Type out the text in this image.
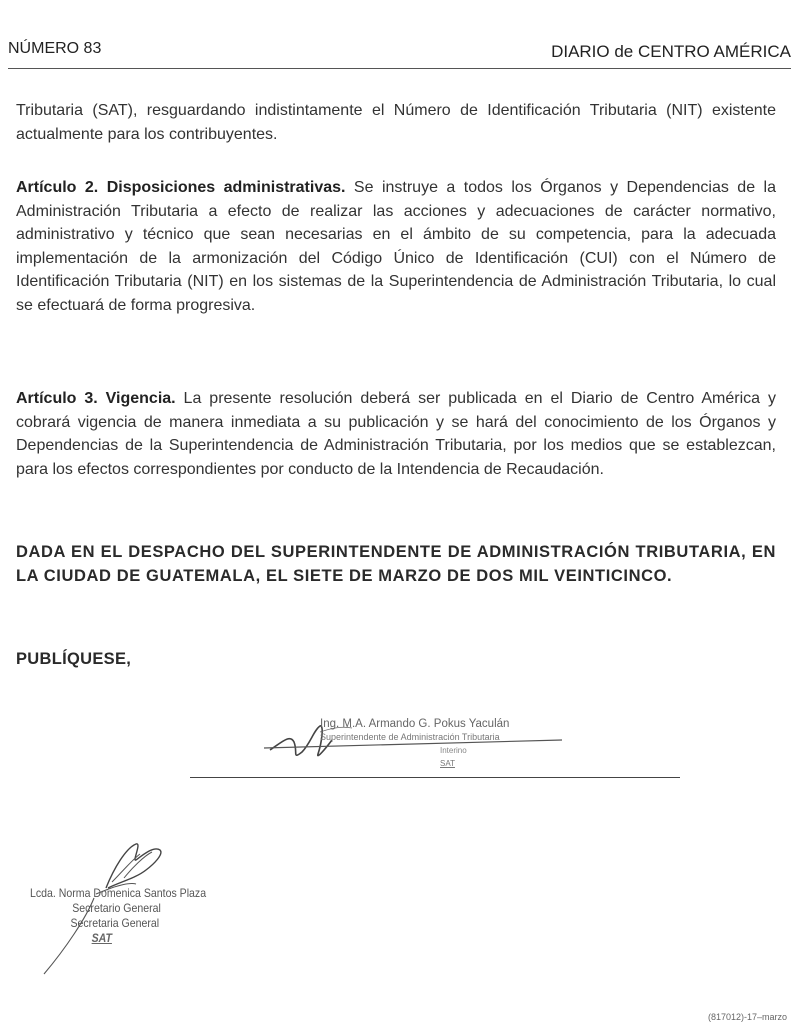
NÚMERO 83	DIARIO de CENTRO AMÉRICA
Tributaria (SAT), resguardando indistintamente el Número de Identificación Tributaria (NIT) existente actualmente para los contribuyentes.
Artículo 2. Disposiciones administrativas. Se instruye a todos los Órganos y Dependencias de la Administración Tributaria a efecto de realizar las acciones y adecuaciones de carácter normativo, administrativo y técnico que sean necesarias en el ámbito de su competencia, para la adecuada implementación de la armonización del Código Único de Identificación (CUI) con el Número de Identificación Tributaria (NIT) en los sistemas de la Superintendencia de Administración Tributaria, lo cual se efectuará de forma progresiva.
Artículo 3. Vigencia. La presente resolución deberá ser publicada en el Diario de Centro América y cobrará vigencia de manera inmediata a su publicación y se hará del conocimiento de los Órganos y Dependencias de la Superintendencia de Administración Tributaria, por los medios que se establezcan, para los efectos correspondientes por conducto de la Intendencia de Recaudación.
DADA EN EL DESPACHO DEL SUPERINTENDENTE DE ADMINISTRACIÓN TRIBUTARIA, EN LA CIUDAD DE GUATEMALA, EL SIETE DE MARZO DE DOS MIL VEINTICINCO.
PUBLÍQUESE,
Ing. M.A. Armando G. Pokus Yaculán
Superintendente de Administración Tributaria
Interino
SAT
Lcda. Norma Domenica Santos Plaza
Secretario General
Secretaria General
SAT
(817012)-17–marzo
